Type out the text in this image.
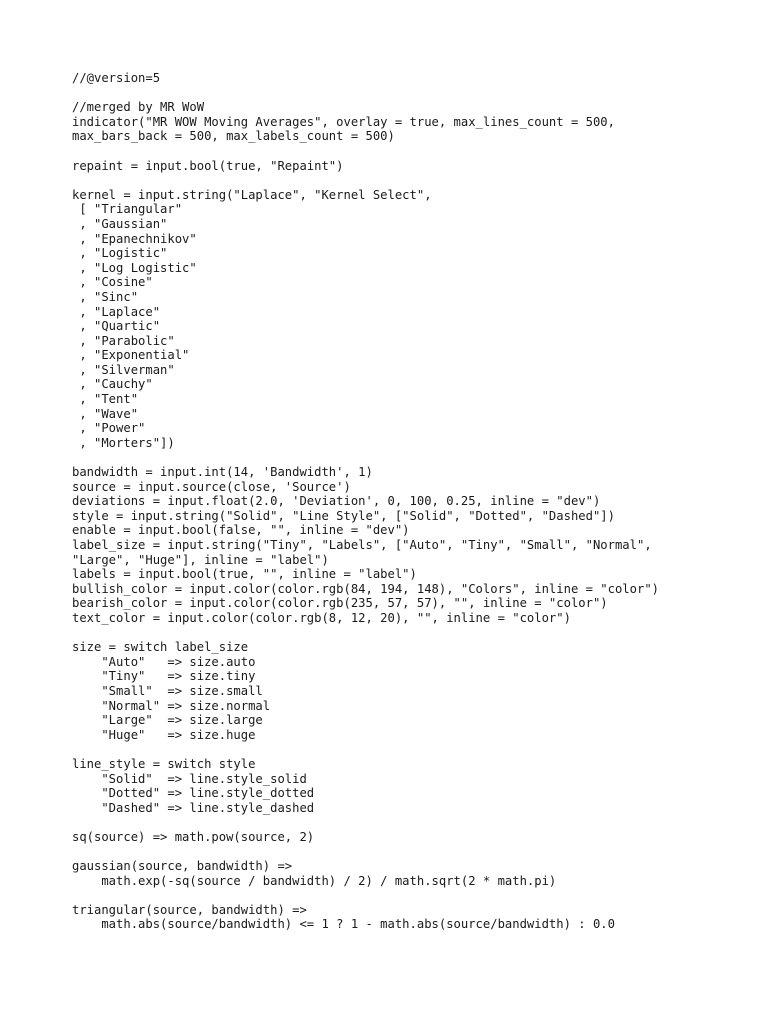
//@version=5
//merged by MR WoW
indicator("MR WOW Moving Averages", overlay = true, max_lines_count = 500,
max_bars_back = 500, max_labels_count = 500)
repaint = input.bool(true, "Repaint")
kernel = input.string("Laplace", "Kernel Select",
[ "Triangular"
, "Gaussian"
, "Epanechnikov"
, "Logistic"
, "Log Logistic"
, "Cosine"
, "Sinc"
, "Laplace"
, "Quartic"
, "Parabolic"
, "Exponential"
, "Silverman"
, "Cauchy"
, "Tent"
, "Wave"
, "Power"
, "Morters"])
bandwidth = input.int(14, 'Bandwidth', 1)
source = input.source(close, 'Source')
deviations = input.float(2.0, 'Deviation', 0, 100, 0.25, inline = "dev")
style = input.string("Solid", "Line Style", ["Solid", "Dotted", "Dashed"])
enable = input.bool(false, "", inline = "dev")
label_size = input.string("Tiny", "Labels", ["Auto", "Tiny", "Small", "Normal",
"Large", "Huge"], inline = "label")
labels = input.bool(true, "", inline = "label")
bullish_color = input.color(color.rgb(84, 194, 148), "Colors", inline = "color")
bearish_color = input.color(color.rgb(235, 57, 57), "", inline = "color")
text_color = input.color(color.rgb(8, 12, 20), "", inline = "color")
size = switch label_size
"Auto"   => size.auto
"Tiny"   => size.tiny
"Small"  => size.small
"Normal" => size.normal
"Large"  => size.large
"Huge"   => size.huge
line_style = switch style
"Solid"  => line.style_solid
"Dotted" => line.style_dotted
"Dashed" => line.style_dashed
sq(source) => math.pow(source, 2)
gaussian(source, bandwidth) =>
math.exp(-sq(source / bandwidth) / 2) / math.sqrt(2 * math.pi)
triangular(source, bandwidth) =>
math.abs(source/bandwidth) <= 1 ? 1 - math.abs(source/bandwidth) : 0.0
